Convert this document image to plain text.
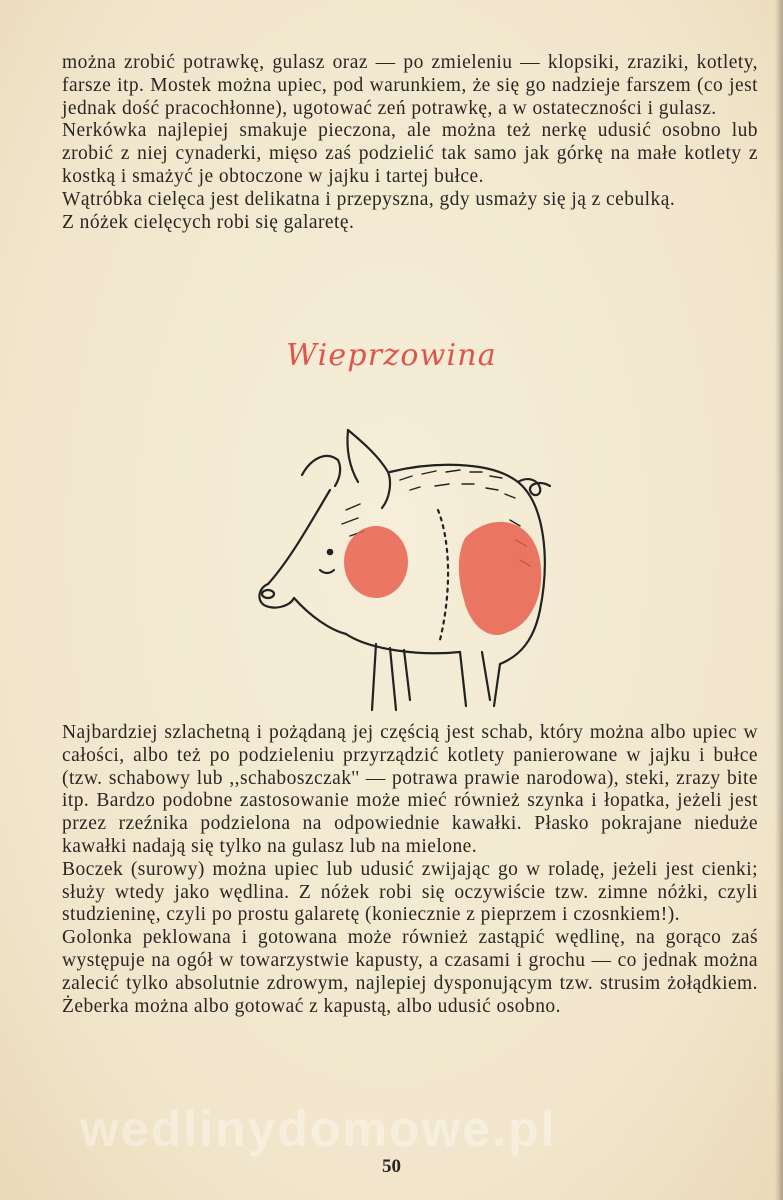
można zrobić potrawkę, gulasz oraz — po zmieleniu — klopsiki, zraziki, kotlety, farsze itp. Mostek można upiec, pod warunkiem, że się go nadzieje farszem (co jest jednak dość pracochłonne), ugotować zeń potrawkę, a w ostateczności i gulasz.

Nerkówka najlepiej smakuje pieczona, ale można też nerkę udusić osobno lub zrobić z niej cynaderki, mięso zaś podzielić tak samo jak górkę na małe kotlety z kostką i smażyć je obtoczone w jajku i tartej bułce.

Wątróbka cielęca jest delikatna i przepyszna, gdy usmaży się ją z cebulką.

Z nóżek cielęcych robi się galaretę.

Wieprzowina

Najbardziej szlachetną i pożądaną jej częścią jest schab, który można albo upiec w całości, albo też po podzieleniu przyrządzić kotlety panierowane w jajku i bułce (tzw. schabowy lub ,,schaboszczak'' — potrawa prawie narodowa), steki, zrazy bite itp. Bardzo podobne zastosowanie może mieć również szynka i łopatka, jeżeli jest przez rzeźnika podzielona na odpowiednie kawałki. Płasko pokrajane nieduże kawałki nadają się tylko na gulasz lub na mielone.

Boczek (surowy) można upiec lub udusić zwijając go w roladę, jeżeli jest cienki; służy wtedy jako wędlina. Z nóżek robi się oczywiście tzw. zimne nóżki, czyli studzieninę, czyli po prostu galaretę (koniecznie z pieprzem i czosnkiem!).

Golonka peklowana i gotowana może również zastąpić wędlinę, na gorąco zaś występuje na ogół w towarzystwie kapusty, a czasami i grochu — co jednak można zalecić tylko absolutnie zdrowym, najlepiej dysponującym tzw. strusim żołądkiem. Żeberka można albo gotować z kapustą, albo udusić osobno.

wedlinydomowe.pl
50
